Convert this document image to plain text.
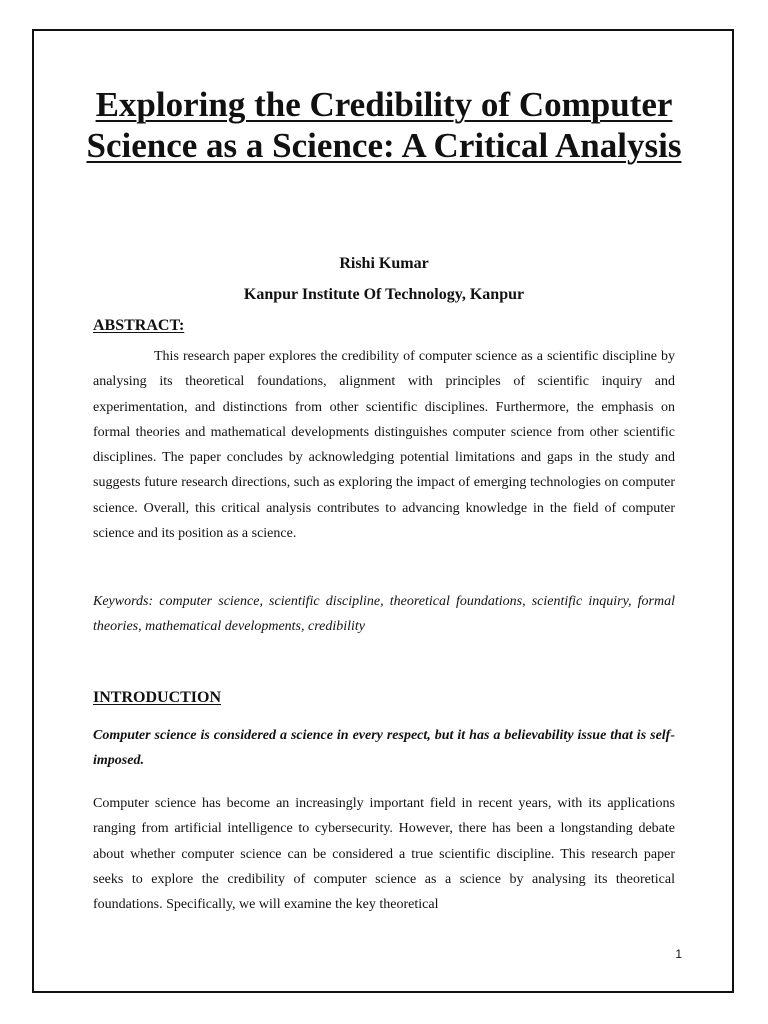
Exploring the Credibility of Computer Science as a Science: A Critical Analysis
Rishi Kumar
Kanpur Institute Of Technology, Kanpur
ABSTRACT:

This research paper explores the credibility of computer science as a scientific discipline by analysing its theoretical foundations, alignment with principles of scientific inquiry and experimentation, and distinctions from other scientific disciplines. Furthermore, the emphasis on formal theories and mathematical developments distinguishes computer science from other scientific disciplines. The paper concludes by acknowledging potential limitations and gaps in the study and suggests future research directions, such as exploring the impact of emerging technologies on computer science. Overall, this critical analysis contributes to advancing knowledge in the field of computer science and its position as a science.

Keywords: computer science, scientific discipline, theoretical foundations, scientific inquiry, formal theories, mathematical developments, credibility

INTRODUCTION

Computer science is considered a science in every respect, but it has a believability issue that is self-imposed.

Computer science has become an increasingly important field in recent years, with its applications ranging from artificial intelligence to cybersecurity. However, there has been a longstanding debate about whether computer science can be considered a true scientific discipline. This research paper seeks to explore the credibility of computer science as a science by analysing its theoretical foundations. Specifically, we will examine the key theoretical

1
